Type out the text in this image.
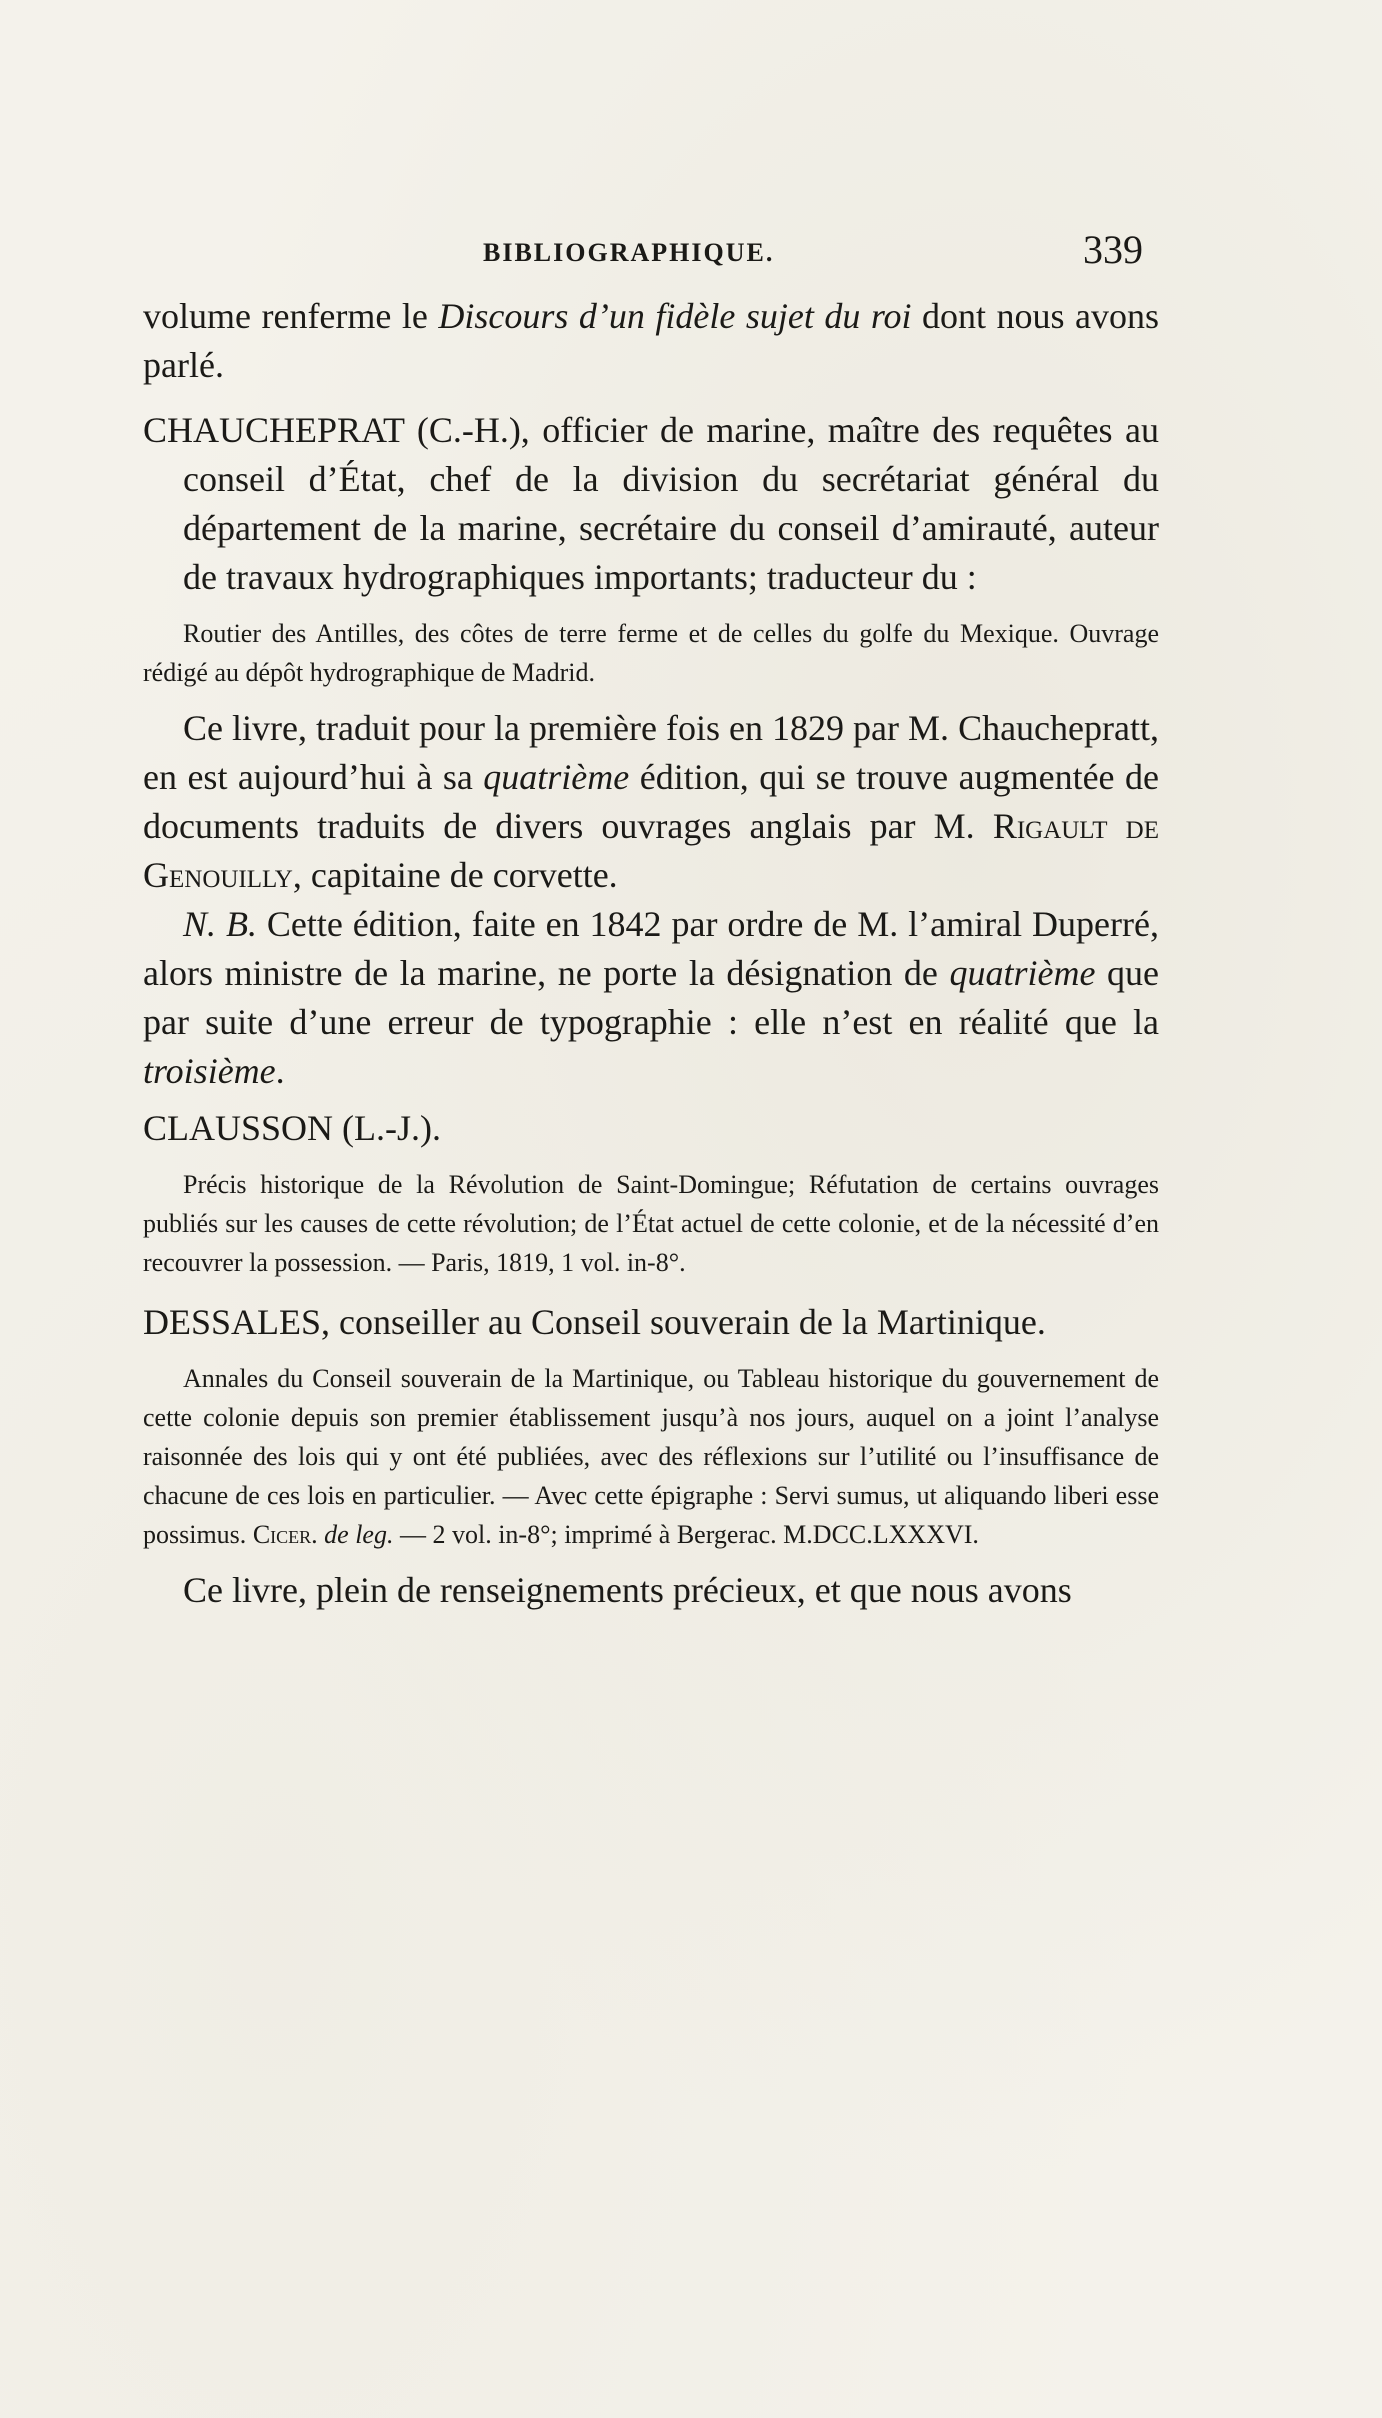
BIBLIOGRAPHIQUE.	339

volume renferme le Discours d’un fidèle sujet du roi dont nous avons parlé.

CHAUCHEPRAT (C.-H.), officier de marine, maître des requêtes au conseil d’État, chef de la division du secrétariat général du département de la marine, secrétaire du conseil d’amirauté, auteur de travaux hydrographiques importants; traducteur du :

Routier des Antilles, des côtes de terre ferme et de celles du golfe du Mexique. Ouvrage rédigé au dépôt hydrographique de Madrid.

Ce livre, traduit pour la première fois en 1829 par M. Chauchepratt, en est aujourd’hui à sa quatrième édition, qui se trouve augmentée de documents traduits de divers ouvrages anglais par M. Rigault de Genouilly, capitaine de corvette.

N. B. Cette édition, faite en 1842 par ordre de M. l’amiral Duperré, alors ministre de la marine, ne porte la désignation de quatrième que par suite d’une erreur de typographie : elle n’est en réalité que la troisième.

CLAUSSON (L.-J.).

Précis historique de la Révolution de Saint-Domingue; Réfutation de certains ouvrages publiés sur les causes de cette révolution; de l’État actuel de cette colonie, et de la nécessité d’en recouvrer la possession. — Paris, 1819, 1 vol. in-8°.

DESSALES, conseiller au Conseil souverain de la Martinique.

Annales du Conseil souverain de la Martinique, ou Tableau historique du gouvernement de cette colonie depuis son premier établissement jusqu’à nos jours, auquel on a joint l’analyse raisonnée des lois qui y ont été publiées, avec des réflexions sur l’utilité ou l’insuffisance de chacune de ces lois en particulier. — Avec cette épigraphe : Servi sumus, ut aliquando liberi esse possimus. Cicer. de leg. — 2 vol. in-8°; imprimé à Bergerac. M.DCC.LXXXVI.

Ce livre, plein de renseignements précieux, et que nous avons
